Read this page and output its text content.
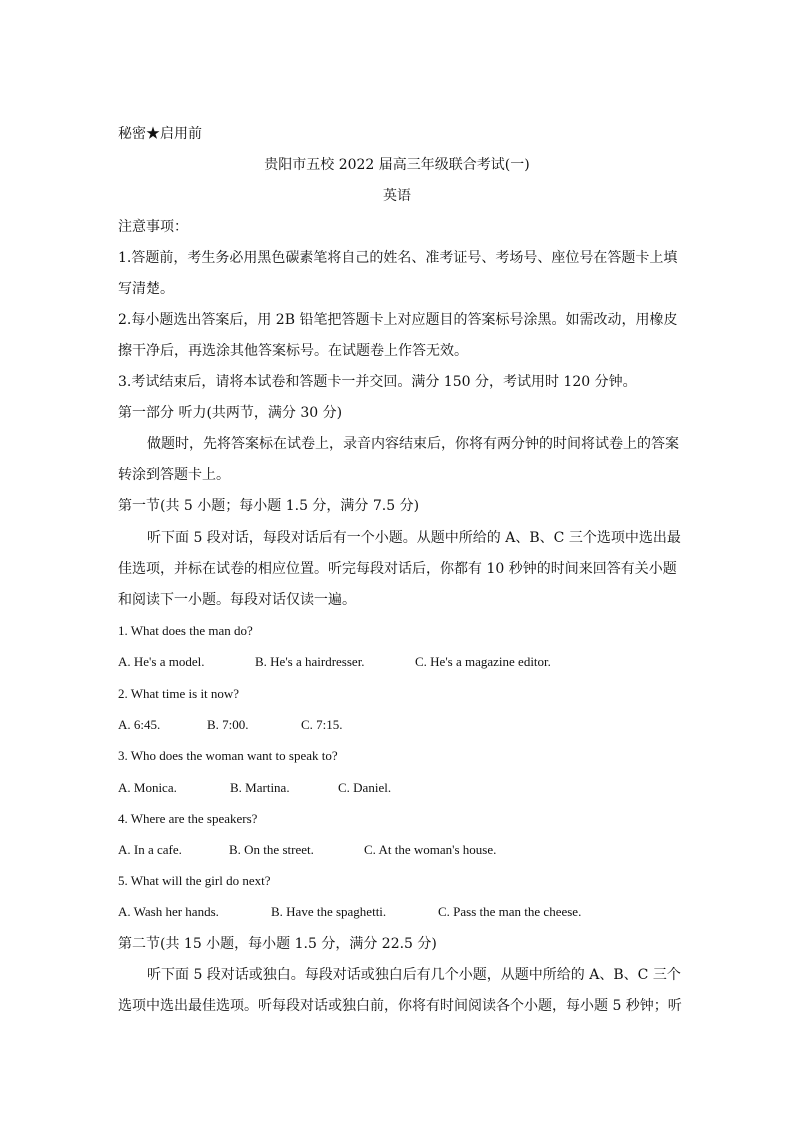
秘密★启用前
贵阳市五校 2022 届高三年级联合考试(一)
英语
注意事项：
1.答题前，考生务必用黑色碳素笔将自己的姓名、准考证号、考场号、座位号在答题卡上填
写清楚。
2.每小题选出答案后，用 2B 铅笔把答题卡上对应题目的答案标号涂黑。如需改动，用橡皮
擦干净后，再选涂其他答案标号。在试题卷上作答无效。
3.考试结束后，请将本试卷和答题卡一并交回。满分 150 分，考试用时 120 分钟。
第一部分 听力(共两节，满分 30 分)
做题时，先将答案标在试卷上，录音内容结束后，你将有两分钟的时间将试卷上的答案
转涂到答题卡上。
第一节(共 5 小题；每小题 1.5 分，满分 7.5 分)
听下面 5 段对话，每段对话后有一个小题。从题中所给的 A、B、C 三个选项中选出最
佳选项，并标在试卷的相应位置。听完每段对话后，你都有 10 秒钟的时间来回答有关小题
和阅读下一小题。每段对话仅读一遍。
1. What does the man do?
A. He's a model.	B. He's a hairdresser.	C. He's a magazine editor.
2. What time is it now?
A. 6:45.	B. 7:00.	C. 7:15.
3. Who does the woman want to speak to?
A. Monica.	B. Martina.	C. Daniel.
4. Where are the speakers?
A. In a cafe.	B. On the street.	C. At the woman's house.
5. What will the girl do next?
A. Wash her hands.	B. Have the spaghetti.	C. Pass the man the cheese.
第二节(共 15 小题，每小题 1.5 分，满分 22.5 分)
听下面 5 段对话或独白。每段对话或独白后有几个小题，从题中所给的 A、B、C 三个
选项中选出最佳选项。听每段对话或独白前，你将有时间阅读各个小题，每小题 5 秒钟；听
